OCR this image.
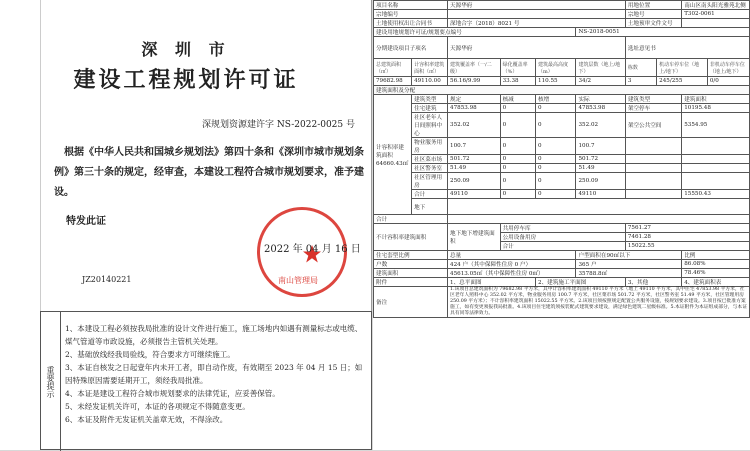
深 圳 市
建设工程规划许可证
深规划资源建许字 NS-2022-0025 号

根据《中华人民共和国城乡规划法》第四十条和《深圳市城市规划条例》第三十条的规定，经审查，本建设工程符合城市规划要求，准予建设。

特发此证
2022 年 04 月 16 日
南山管理局
JZ20140221
重要提示
1、本建设工程必须按我局批准的设计文件进行施工，施工场地内如遇有测量标志或电缆、煤气管道等市政设施，必须报告主管机关处理。
2、基础放线经我局验线，符合要求方可继续施工。
3、本证自核发之日起壹年内未开工者，即自动作废，有效期至 2023 年 04 月 15 日；如因特殊原因需要延期开工，须经我局批准。
4、本证是建设工程符合城市规划要求的法律凭证，应妥善保管。
5、未经发证机关许可，本证的各项规定不得随意变更。
6、本证及附件无发证机关盖章无效，不得涂改。
项目名称		天源华府				用地位置		南山区南头阳光雅苑北侧	
宗地编号						宗地号		T302-0061	
土地使用权出让合同书		深地合字（2018）8021 号				土地预审文件文号			
建设用地规划许可证/规划要点编号					NS-2018-0051				
分期建设项目子项名		天源华府				选址意见书			
总建筑面积（㎡）	计容积率建筑面积（㎡）	建筑覆盖率（一/二级）	绿化覆盖率（%）	建筑最高高度（m）	建筑层数（地上/地下）	栋数	机动车停车位（地上/地下）		非机动车停车位（地上/地下）
79682.98	49110.00	56.16/9.99	33.38	110.55	34/2	3	245/255		0/0
建筑面积及分配									
计容积率建筑面积 64660.43㎡	建筑类型	规定	核减	核增	实际	建筑类型		建筑面积	
	住宅建筑	47853.98	0	0	47853.98	架空停车		10195.48	
	社区老年人日间照料中心	352.02	0	0	352.02	架空公共空间		5354.95	
	物业服务用房	100.7	0	0	100.7				
	社区菜市场	501.72	0	0	501.72				
	社区警务室	51.49	0	0	51.49				
	社区管理用房	250.09	0	0	250.09				
	合计	49110	0	0	49110			15550.43	
	地下								
合计									
不计容积率建筑面积		地下地下增建筑面积	共用停车库			7561.27			
			公用设备用房			7461.28			
			合计			15022.55			
住宅套型比例		总量			户型面积在90㎡以下			比例	
户数		424 户（其中保障性住房 0 户）			365 户			86.08%	
建筑面积		45613.05㎡（其中保障性住房 0㎡）			35788.8㎡			78.46%	
附件		1、总平面图		2、建筑施工平面图		3、其他		4、建筑面积表	
备注		1.该项目总建筑面积为 79682.98 平方米，其中计容积率建筑面积 49110 平方米（地上 49110 平方米，其中住宅 47853.98 平方米，社区老年人照料中心 352.02 平方米，物业服务用房 100.7 平方米，社区菜市场 501.72 平方米，社区警务室 51.49 平方米，社区管理用房 250.09 平方米）；不计容积率建筑面积 15022.55 平方米。2.该项目须按照规定配置公共服务设施，按规划要求建设。3.项目按已批准方案施工，如有变更须报我局批准。4.该项目住宅建筑须按装配式建筑要求建设，满足绿色建筑二星级标准。5.本证附件为本证组成部分，与本证具有同等法律效力。							
